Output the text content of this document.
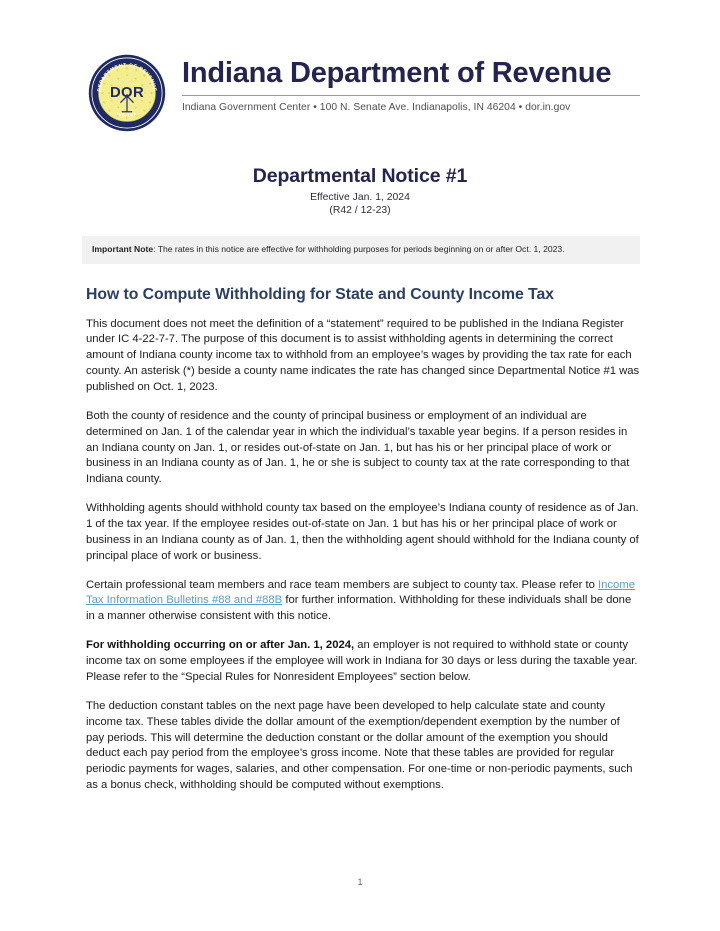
DEPARTMENT OF REVENUE
INDIANA
DOR
Indiana Department of Revenue
Indiana Government Center • 100 N. Senate Ave. Indianapolis, IN 46204 • dor.in.gov
Departmental Notice #1
Effective Jan. 1, 2024
(R42 / 12-23)
Important Note: The rates in this notice are effective for withholding purposes for periods beginning on or after Oct. 1, 2023.
How to Compute Withholding for State and County Income Tax

This document does not meet the definition of a “statement” required to be published in the Indiana Register under IC 4-22-7-7. The purpose of this document is to assist withholding agents in determining the correct amount of Indiana county income tax to withhold from an employee’s wages by providing the tax rate for each county. An asterisk (*) beside a county name indicates the rate has changed since Departmental Notice #1 was published on Oct. 1, 2023.

Both the county of residence and the county of principal business or employment of an individual are determined on Jan. 1 of the calendar year in which the individual’s taxable year begins. If a person resides in an Indiana county on Jan. 1, or resides out-of-state on Jan. 1, but has his or her principal place of work or business in an Indiana county as of Jan. 1, he or she is subject to county tax at the rate corresponding to that Indiana county.

Withholding agents should withhold county tax based on the employee’s Indiana county of residence as of Jan. 1 of the tax year. If the employee resides out-of-state on Jan. 1 but has his or her principal place of work or business in an Indiana county as of Jan. 1, then the withholding agent should withhold for the Indiana county of principal place of work or business.

Certain professional team members and race team members are subject to county tax. Please refer to Income Tax Information Bulletins #88 and #88B for further information. Withholding for these individuals shall be done in a manner otherwise consistent with this notice.

For withholding occurring on or after Jan. 1, 2024, an employer is not required to withhold state or county income tax on some employees if the employee will work in Indiana for 30 days or less during the taxable year. Please refer to the “Special Rules for Nonresident Employees” section below.

The deduction constant tables on the next page have been developed to help calculate state and county income tax. These tables divide the dollar amount of the exemption/dependent exemption by the number of pay periods. This will determine the deduction constant or the dollar amount of the exemption you should deduct each pay period from the employee’s gross income. Note that these tables are provided for regular periodic payments for wages, salaries, and other compensation. For one-time or non-periodic payments, such as a bonus check, withholding should be computed without exemptions.

1
